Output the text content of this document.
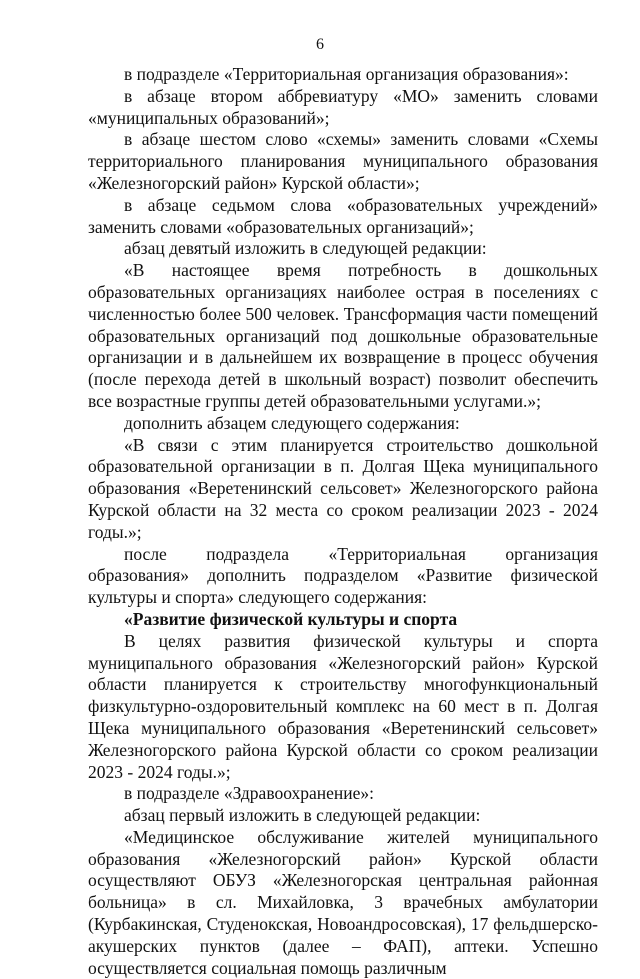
6

в подразделе «Территориальная организация образования»:

в абзаце втором аббревиатуру «МО» заменить словами «муниципальных образований»;

в абзаце шестом слово «схемы» заменить словами «Схемы территориального планирования муниципального образования «Железногорский район» Курской области»;

в абзаце седьмом слова «образовательных учреждений» заменить словами «образовательных организаций»;

абзац девятый изложить в следующей редакции:

«В настоящее время потребность в дошкольных образовательных организациях наиболее острая в поселениях с численностью более 500 человек. Трансформация части помещений образовательных организаций под дошкольные образовательные организации и в дальнейшем их возвращение в процесс обучения (после перехода детей в школьный возраст) позволит обеспечить все возрастные группы детей образовательными услугами.»;

дополнить абзацем следующего содержания:

«В связи с этим планируется строительство дошкольной образовательной организации в п. Долгая Щека муниципального образования «Веретенинский сельсовет» Железногорского района Курской области на 32 места со сроком реализации 2023 - 2024 годы.»;

после подраздела «Территориальная организация образования» дополнить подразделом «Развитие физической культуры и спорта» следующего содержания:

«Развитие физической культуры и спорта

В целях развития физической культуры и спорта муниципального образования «Железногорский район» Курской области планируется к строительству многофункциональный физкультурно-оздоровительный комплекс на 60 мест в п. Долгая Щека муниципального образования «Веретенинский сельсовет» Железногорского района Курской области со сроком реализации 2023 - 2024 годы.»;

в подразделе «Здравоохранение»:

абзац первый изложить в следующей редакции:

«Медицинское обслуживание жителей муниципального образования «Железногорский район» Курской области осуществляют ОБУЗ «Железногорская центральная районная больница» в сл. Михайловка, 3 врачебных амбулатории (Курбакинская, Студенокская, Новоандросовская), 17 фельдшерско-акушерских пунктов (далее – ФАП), аптеки. Успешно осуществляется социальная помощь различным
